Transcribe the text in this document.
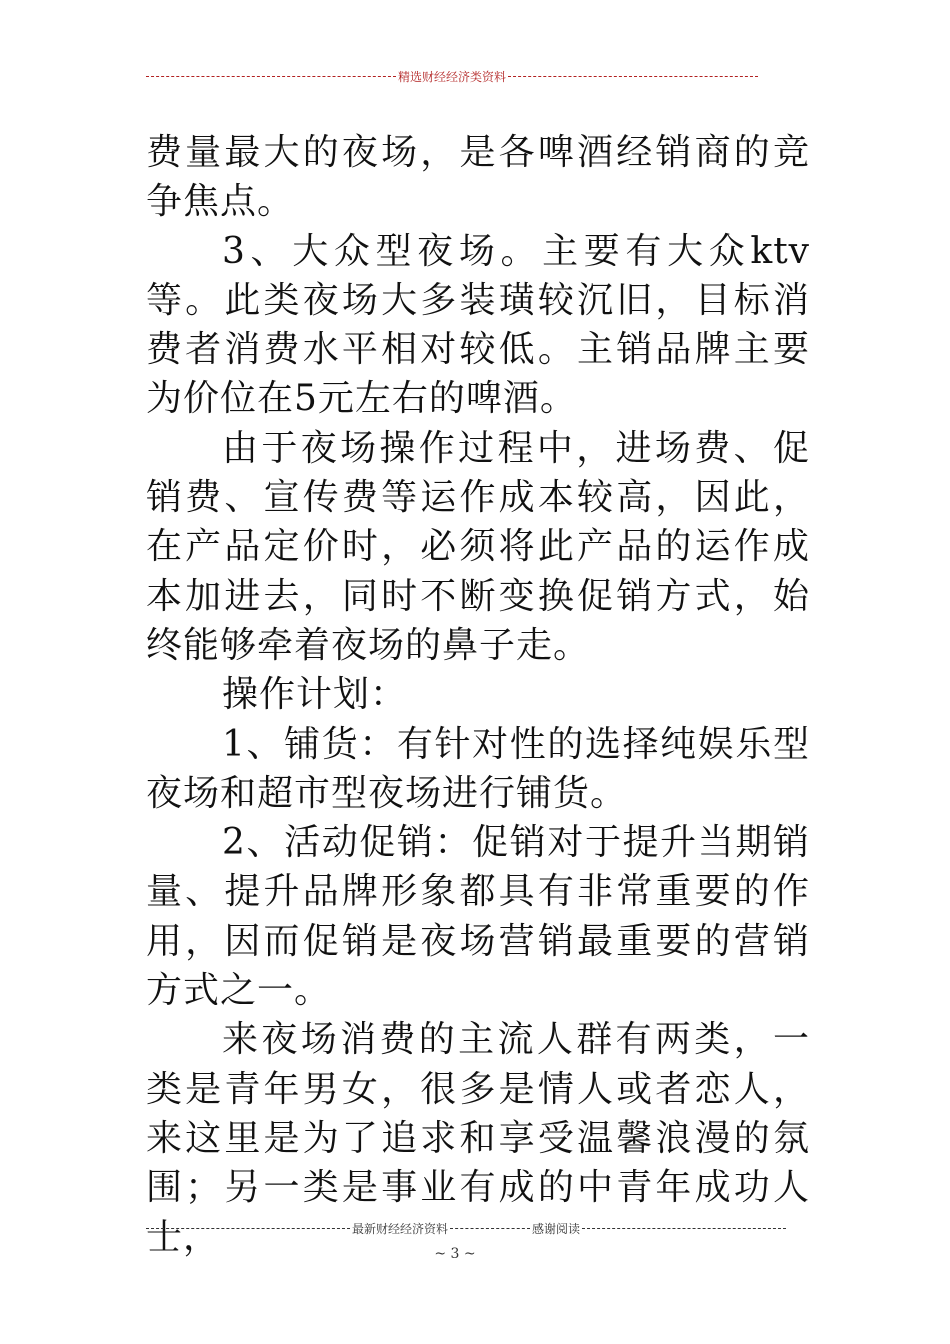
精选财经经济类资料

费量最大的夜场，是各啤酒经销商的竞争焦点。

3、大众型夜场。主要有大众ktv等。此类夜场大多装璜较沉旧，目标消费者消费水平相对较低。主销品牌主要为价位在5元左右的啤酒。

由于夜场操作过程中，进场费、促销费、宣传费等运作成本较高，因此，在产品定价时，必须将此产品的运作成本加进去，同时不断变换促销方式，始终能够牵着夜场的鼻子走。

操作计划：

1、铺货：有针对性的选择纯娱乐型夜场和超市型夜场进行铺货。

2、活动促销：促销对于提升当期销量、提升品牌形象都具有非常重要的作用，因而促销是夜场营销最重要的营销方式之一。

来夜场消费的主流人群有两类，一类是青年男女，很多是情人或者恋人，来这里是为了追求和享受温馨浪漫的氛围；另一类是事业有成的中青年成功人士，	最新财经经济资料	感谢阅读
~ 3 ~
